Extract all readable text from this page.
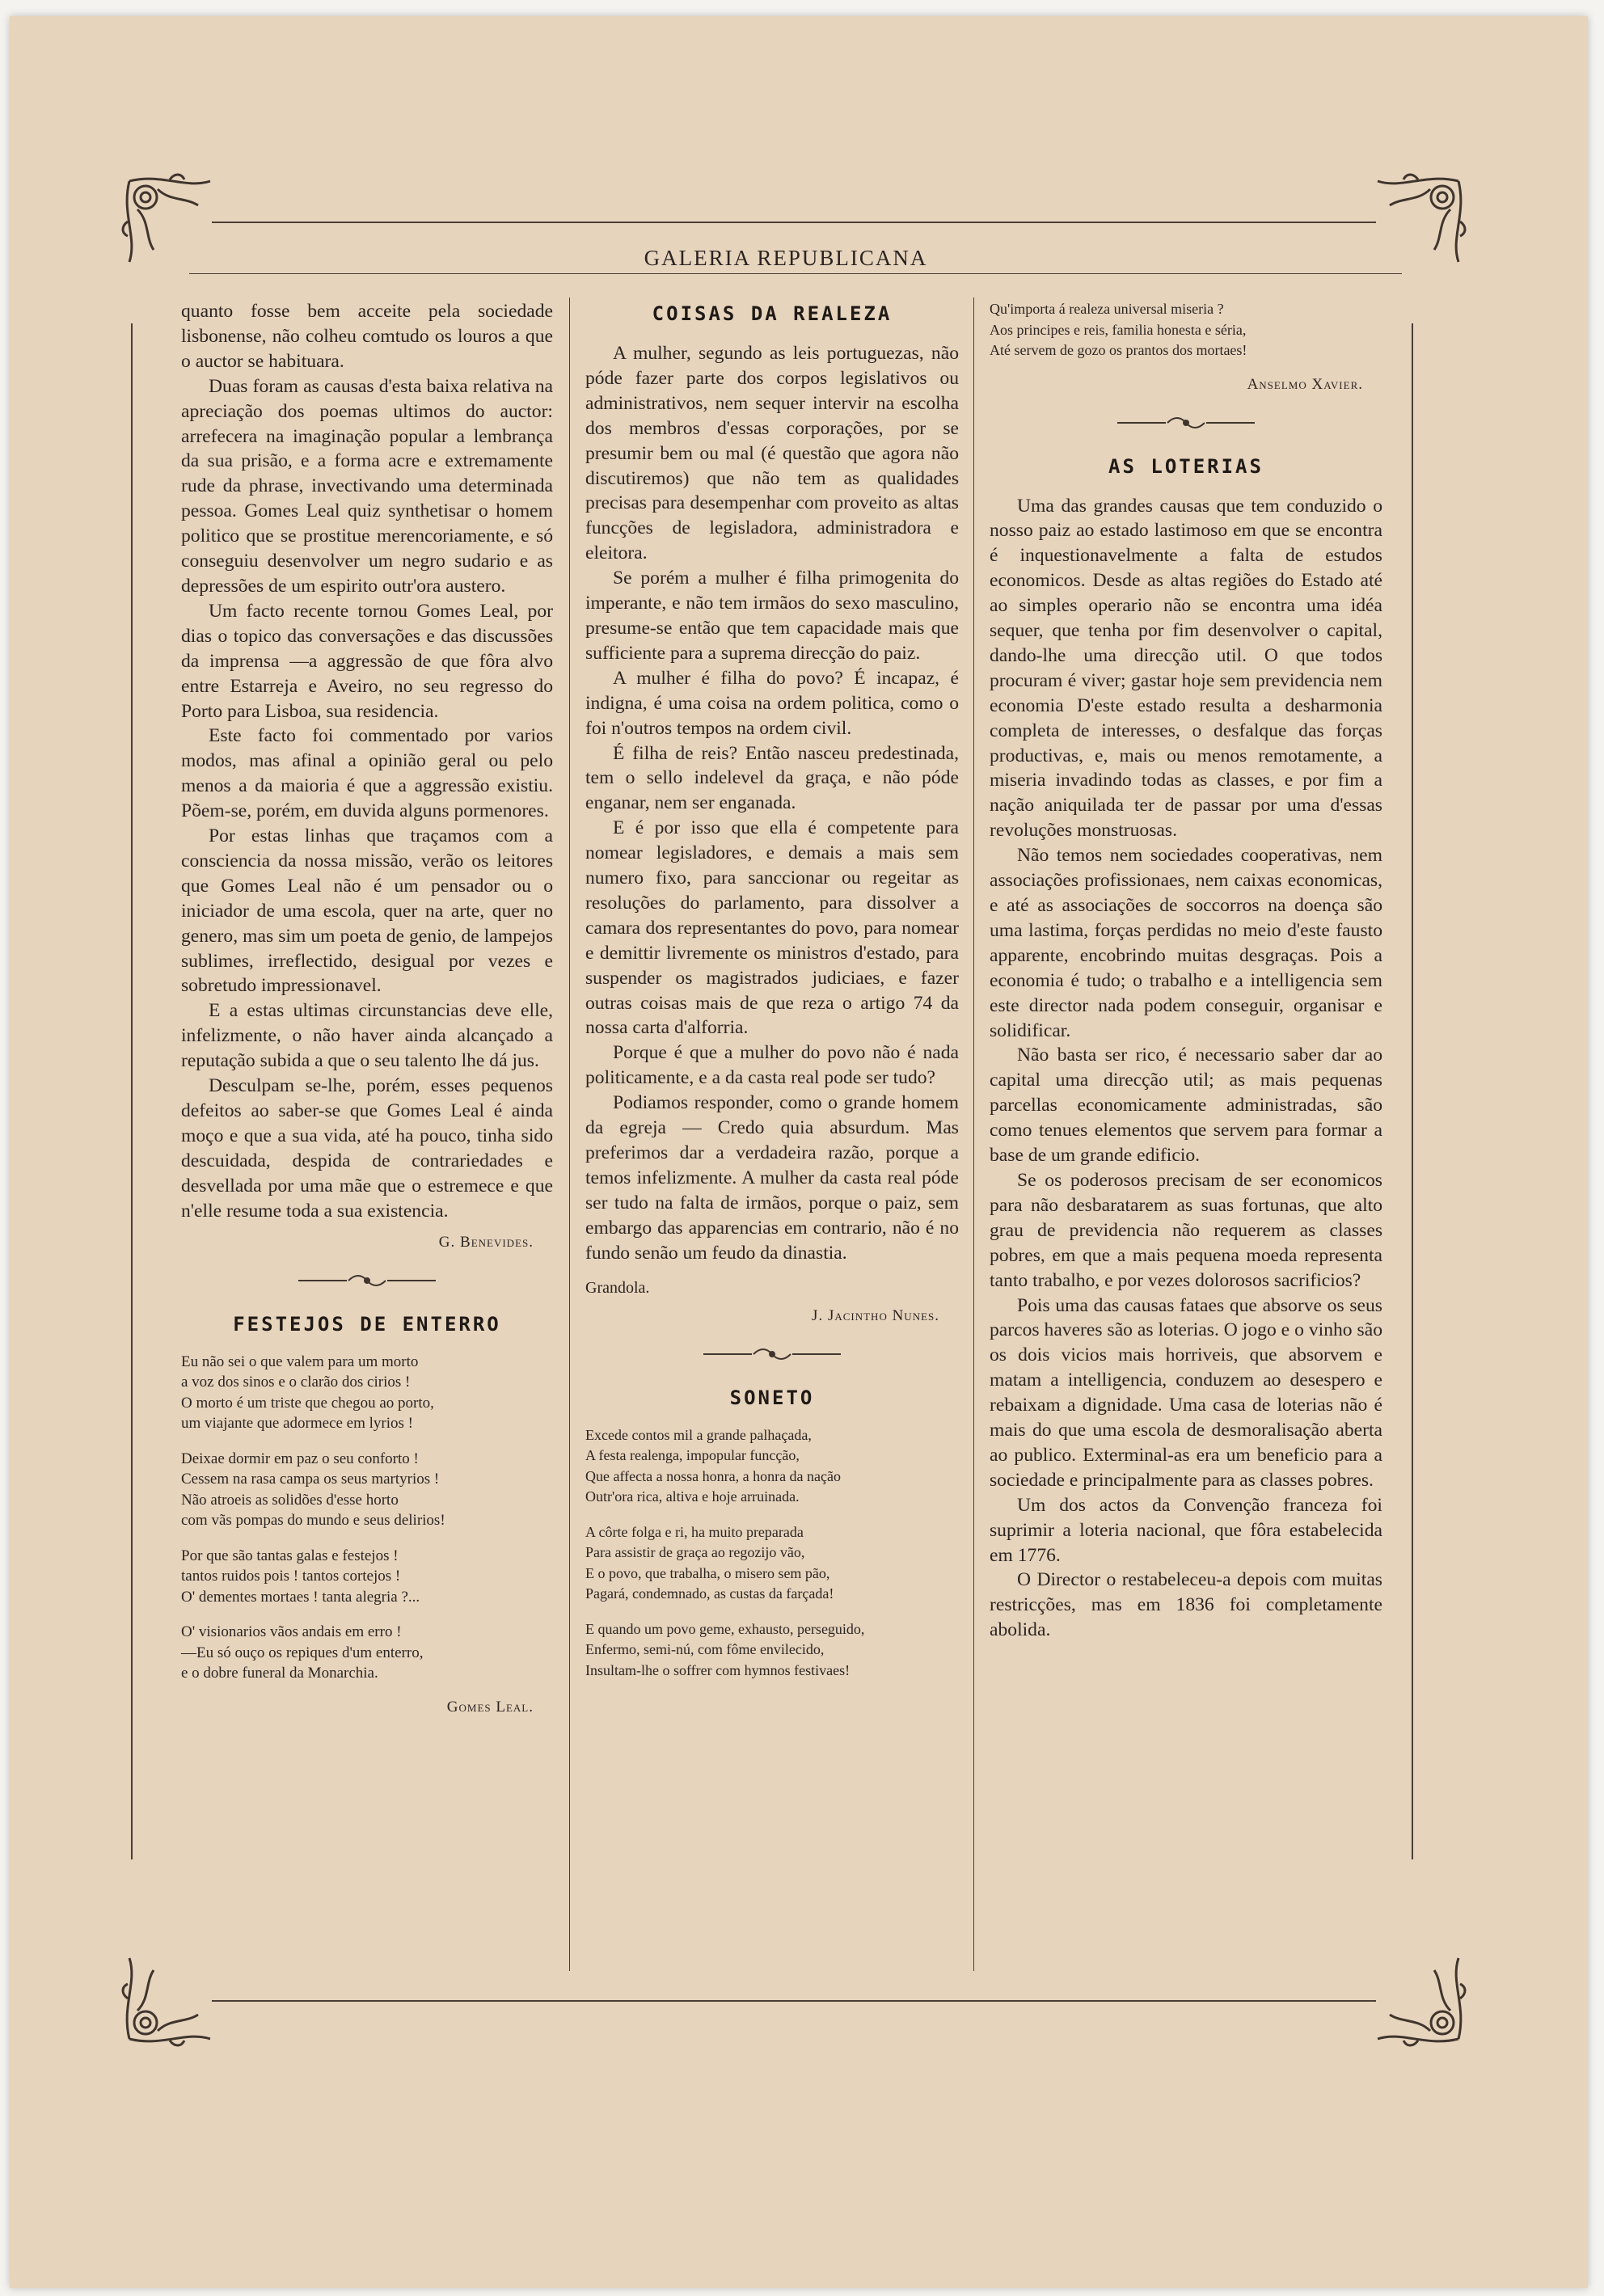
GALERIA REPUBLICANA

quanto fosse bem acceite pela sociedade lisbonense, não colheu comtudo os louros a que o auctor se habituara.

Duas foram as causas d'esta baixa relativa na apreciação dos poemas ultimos do auctor: arrefecera na imaginação popular a lembrança da sua prisão, e a forma acre e extremamente rude da phrase, invectivando uma determinada pessoa. Gomes Leal quiz synthetisar o homem politico que se prostitue merencoriamente, e só conseguiu desenvolver um negro sudario e as depressões de um espirito outr'ora austero.

Um facto recente tornou Gomes Leal, por dias o topico das conversações e das discussões da imprensa —a aggressão de que fôra alvo entre Estarreja e Aveiro, no seu regresso do Porto para Lisboa, sua residencia.

Este facto foi commentado por varios modos, mas afinal a opinião geral ou pelo menos a da maioria é que a aggressão existiu. Põem-se, porém, em duvida alguns pormenores.

Por estas linhas que traçamos com a consciencia da nossa missão, verão os leitores que Gomes Leal não é um pensador ou o iniciador de uma escola, quer na arte, quer no genero, mas sim um poeta de genio, de lampejos sublimes, irreflectido, desigual por vezes e sobretudo impressionavel.

E a estas ultimas circunstancias deve elle, infelizmente, o não haver ainda alcançado a reputação subida a que o seu talento lhe dá jus.

Desculpam se-lhe, porém, esses pequenos defeitos ao saber-se que Gomes Leal é ainda moço e que a sua vida, até ha pouco, tinha sido descuidada, despida de contrariedades e desvellada por uma mãe que o estremece e que n'elle resume toda a sua existencia.

G. Benevides.
FESTEJOS DE ENTERRO
Eu não sei o que valem para um morto
a voz dos sinos e o clarão dos cirios !
O morto é um triste que chegou ao porto,
um viajante que adormece em lyrios !
Deixae dormir em paz o seu conforto !
Cessem na rasa campa os seus martyrios !
Não atroeis as solidões d'esse horto
com vãs pompas do mundo e seus delirios!
Por que são tantas galas e festejos !
tantos ruidos pois ! tantos cortejos !
O' dementes mortaes ! tanta alegria ?...
O' visionarios vãos andais em erro !
—Eu só ouço os repiques d'um enterro,
e o dobre funeral da Monarchia.
Gomes Leal.
COISAS DA REALEZA

A mulher, segundo as leis portuguezas, não póde fazer parte dos corpos legislativos ou administrativos, nem sequer intervir na escolha dos membros d'essas corporações, por se presumir bem ou mal (é questão que agora não discutiremos) que não tem as qualidades precisas para desempenhar com proveito as altas funcções de legisladora, administradora e eleitora.

Se porém a mulher é filha primogenita do imperante, e não tem irmãos do sexo masculino, presume-se então que tem capacidade mais que sufficiente para a suprema direcção do paiz.

A mulher é filha do povo? É incapaz, é indigna, é uma coisa na ordem politica, como o foi n'outros tempos na ordem civil.

É filha de reis? Então nasceu predestinada, tem o sello indelevel da graça, e não póde enganar, nem ser enganada.

E é por isso que ella é competente para nomear legisladores, e demais a mais sem numero fixo, para sanccionar ou regeitar as resoluções do parlamento, para dissolver a camara dos representantes do povo, para nomear e demittir livremente os ministros d'estado, para suspender os magistrados judiciaes, e fazer outras coisas mais de que reza o artigo 74 da nossa carta d'alforria.

Porque é que a mulher do povo não é nada politicamente, e a da casta real pode ser tudo?

Podiamos responder, como o grande homem da egreja — Credo quia absurdum. Mas preferimos dar a verdadeira razão, porque a temos infelizmente. A mulher da casta real póde ser tudo na falta de irmãos, porque o paiz, sem embargo das apparencias em contrario, não é no fundo senão um feudo da dinastia.

Grandola.
J. Jacintho Nunes.
SONETO
Excede contos mil a grande palhaçada,
A festa realenga, impopular funcção,
Que affecta a nossa honra, a honra da nação
Outr'ora rica, altiva e hoje arruinada.
A côrte folga e ri, ha muito preparada
Para assistir de graça ao regozijo vão,
E o povo, que trabalha, o misero sem pão,
Pagará, condemnado, as custas da farçada!
E quando um povo geme, exhausto, perseguido,
Enfermo, semi-nú, com fôme envilecido,
Insultam-lhe o soffrer com hymnos festivaes!
Qu'importa á realeza universal miseria ?
Aos principes e reis, familia honesta e séria,
Até servem de gozo os prantos dos mortaes!
Anselmo Xavier.
AS LOTERIAS

Uma das grandes causas que tem conduzido o nosso paiz ao estado lastimoso em que se encontra é inquestionavelmente a falta de estudos economicos. Desde as altas regiões do Estado até ao simples operario não se encontra uma idéa sequer, que tenha por fim desenvolver o capital, dando-lhe uma direcção util. O que todos procuram é viver; gastar hoje sem previdencia nem economia D'este estado resulta a desharmonia completa de interesses, o desfalque das forças productivas, e, mais ou menos remotamente, a miseria invadindo todas as classes, e por fim a nação aniquilada ter de passar por uma d'essas revoluções monstruosas.

Não temos nem sociedades cooperativas, nem associações profissionaes, nem caixas economicas, e até as associações de soccorros na doença são uma lastima, forças perdidas no meio d'este fausto apparente, encobrindo muitas desgraças. Pois a economia é tudo; o trabalho e a intelligencia sem este director nada podem conseguir, organisar e solidificar.

Não basta ser rico, é necessario saber dar ao capital uma direcção util; as mais pequenas parcellas economicamente administradas, são como tenues elementos que servem para formar a base de um grande edificio.

Se os poderosos precisam de ser economicos para não desbaratarem as suas fortunas, que alto grau de previdencia não requerem as classes pobres, em que a mais pequena moeda representa tanto trabalho, e por vezes dolorosos sacrificios?

Pois uma das causas fataes que absorve os seus parcos haveres são as loterias. O jogo e o vinho são os dois vicios mais horriveis, que absorvem e matam a intelligencia, conduzem ao desespero e rebaixam a dignidade. Uma casa de loterias não é mais do que uma escola de desmoralisação aberta ao publico. Exterminal-as era um beneficio para a sociedade e principalmente para as classes pobres.

Um dos actos da Convenção franceza foi suprimir a loteria nacional, que fôra estabelecida em 1776.

O Director o restabeleceu-a depois com muitas restricções, mas em 1836 foi completamente abolida.
